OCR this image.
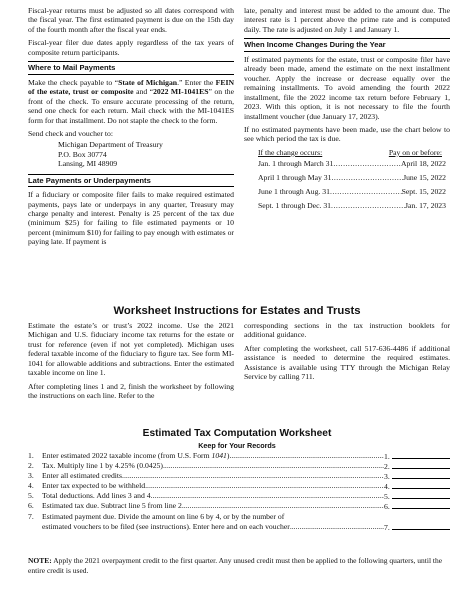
Fiscal-year returns must be adjusted so all dates correspond with the fiscal year. The first estimated payment is due on the 15th day of the fourth month after the fiscal year ends.

Fiscal-year filer due dates apply regardless of the tax years of composite return participants.

Where to Mail Payments

Make the check payable to “State of Michigan.” Enter the FEIN of the estate, trust or composite and “2022 MI-1041ES” on the front of the check. To ensure accurate processing of the return, send one check for each return. Mail check with the MI-1041ES form for that installment. Do not staple the check to the form.

Send check and voucher to:
Michigan Department of Treasury
P.O. Box 30774
Lansing, MI 48909
Late Payments or Underpayments

If a fiduciary or composite filer fails to make required estimated payments, pays late or underpays in any quarter, Treasury may charge penalty and interest. Penalty is 25 percent of the tax due (minimum $25) for failing to file estimated payments or 10 percent (minimum $10) for failing to pay enough with estimates or paying late. If payment is

late, penalty and interest must be added to the amount due. The interest rate is 1 percent above the prime rate and is computed daily. The rate is adjusted on July 1 and January 1.

When Income Changes During the Year

If estimated payments for the estate, trust or composite filer have already been made, amend the estimate on the next installment voucher. Apply the increase or decrease equally over the remaining installments. To avoid amending the fourth 2022 installment, file the 2022 income tax return before February 1, 2023. With this option, it is not necessary to file the fourth installment voucher (due January 17, 2023).

If no estimated payments have been made, use the chart below to see which period the tax is due.

If the change occurs:	Pay on or before:
Jan. 1 through March 31 .....	April 18, 2022
April 1 through May 31 .....	June 15, 2022
June 1 through Aug. 31 .....	Sept. 15, 2022
Sept. 1 through Dec. 31 .....	Jan. 17, 2023
Worksheet Instructions for Estates and Trusts

Estimate the estate’s or trust’s 2022 income. Use the 2021 Michigan and U.S. fiduciary income tax returns for the estate or trust for reference (even if not yet completed). Michigan uses federal taxable income of the fiduciary to figure tax. See form MI-1041 for allowable additions and subtractions. Enter the estimated taxable income on line 1.

After completing lines 1 and 2, finish the worksheet by following the instructions on each line. Refer to the

corresponding sections in the tax instruction booklets for additional guidance.

After completing the worksheet, call 517-636-4486 if additional assistance is needed to determine the required estimates. Assistance is available using TTY through the Michigan Relay Service by calling 711.

Estimated Tax Computation Worksheet
Keep for Your Records
1.	Enter estimated 2022 taxable income (from U.S. Form 1041) .....	1.
2.	Tax. Multiply line 1 by 4.25% (0.0425) .....	2.
3.	Enter all estimated credits .....	3.
4.	Enter tax expected to be withheld .....	4.
5.	Total deductions. Add lines 3 and 4 .....	5.
6.	Estimated tax due. Subtract line 5 from line 2 .....	6.
7.	Estimated payment due. Divide the amount on line 6 by 4, or by the number of
estimated vouchers to be filed (see instructions). Enter here and on each voucher .....	7.
NOTE: Apply the 2021 overpayment credit to the first quarter. Any unused credit must then be applied to the following quarters, until the entire credit is used.
